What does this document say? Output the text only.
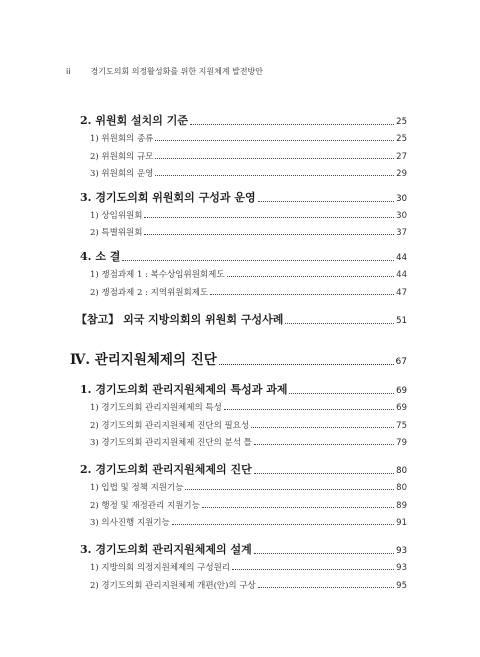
ii	경기도의회 의정활성화를 위한 지원체계 발전방안
2. 위원회 설치의 기준	25
1) 위원회의 종류	25
2) 위원회의 규모	27
3) 위원회의 운영	29
3. 경기도의회 위원회의 구성과 운영	30
1) 상임위원회	30
2) 특별위원회	37
4. 소 결	44
1) 쟁점과제 1 : 복수상임위원회제도	44
2) 쟁점과제 2 : 지역위원회제도	47
【참고】 외국 지방의회의 위원회 구성사례	51
Ⅳ. 관리지원체제의 진단	67
1. 경기도의회 관리지원체제의 특성과 과제	69
1) 경기도의회 관리지원체제의 특성	69
2) 경기도의회 관리지원체제 진단의 필요성	75
3) 경기도의회 관리지원체제 진단의 분석 틀	79
2. 경기도의회 관리지원체제의 진단	80
1) 입법 및 정책 지원기능	80
2) 행정 및 재정관리 지원기능	89
3) 의사진행 지원기능	91
3. 경기도의회 관리지원체제의 설계	93
1) 지방의회 의정지원체제의 구성원리	93
2) 경기도의회 관리지원체제 개편(안)의 구상	95
